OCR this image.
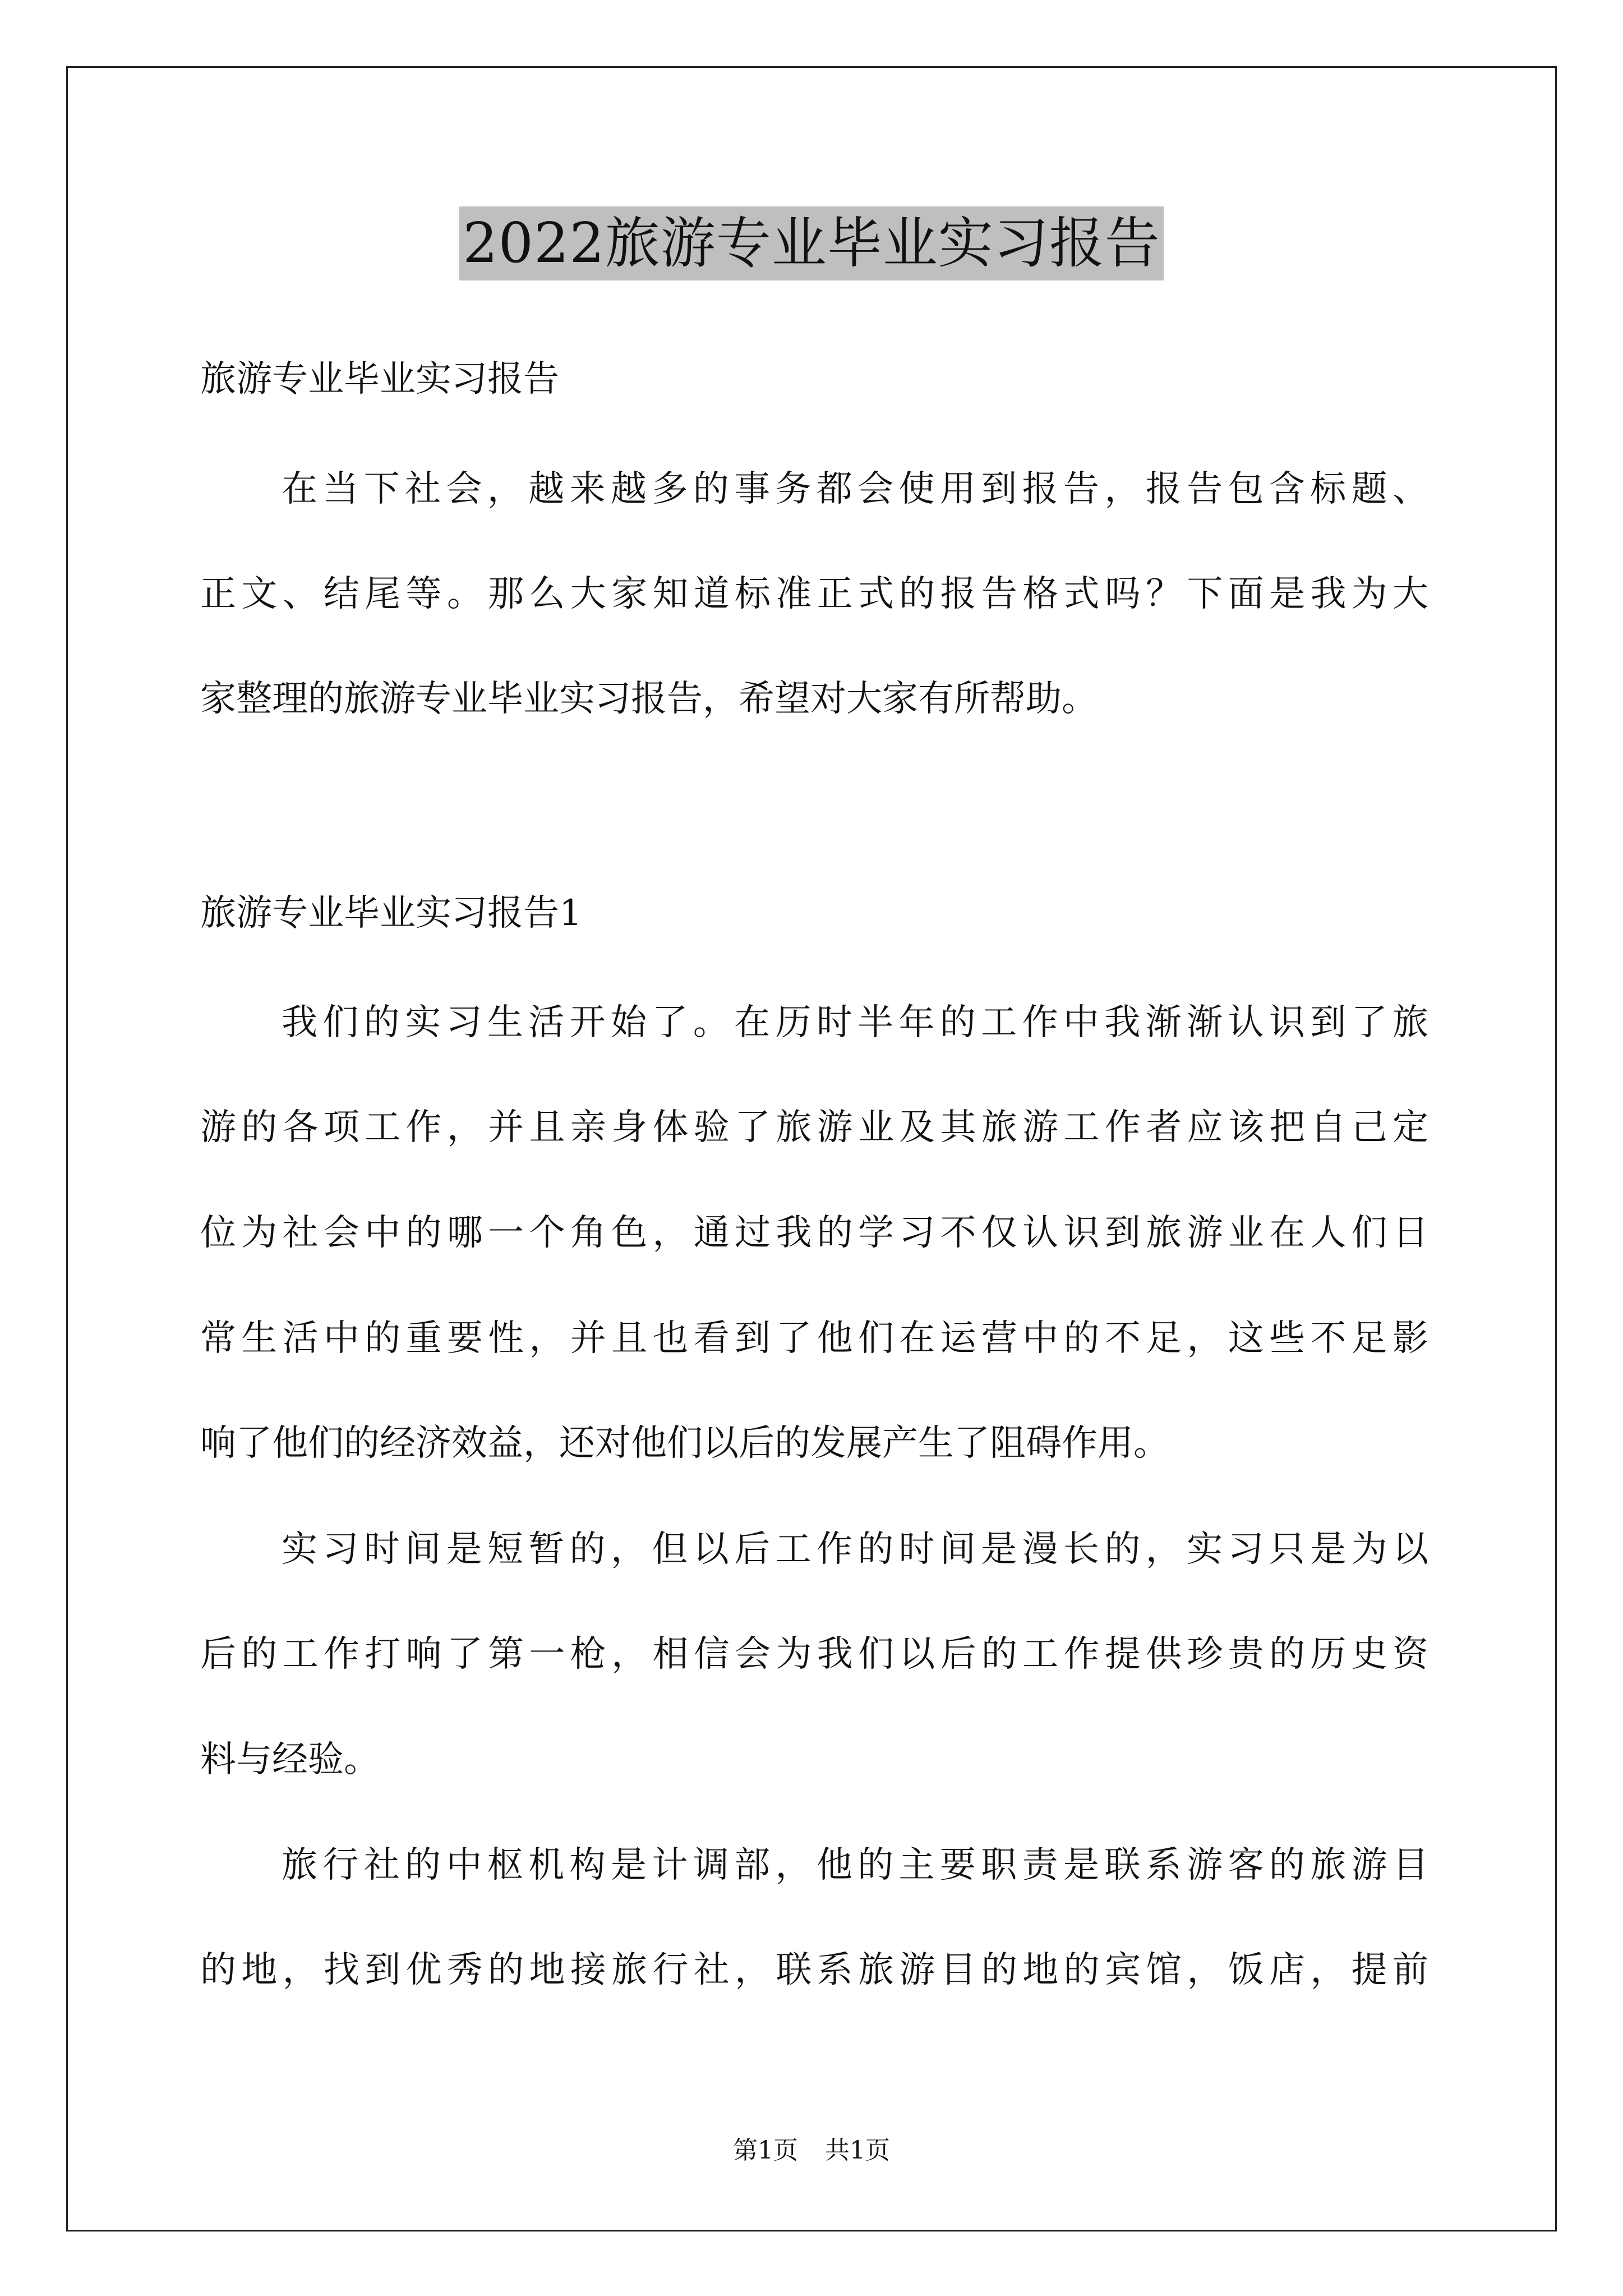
2022旅游专业毕业实习报告
旅游专业毕业实习报告
在当下社会，越来越多的事务都会使用到报告，报告包含标题、
正文、结尾等。那么大家知道标准正式的报告格式吗？下面是我为大
家整理的旅游专业毕业实习报告，希望对大家有所帮助。
旅游专业毕业实习报告1
我们的实习生活开始了。在历时半年的工作中我渐渐认识到了旅
游的各项工作，并且亲身体验了旅游业及其旅游工作者应该把自己定
位为社会中的哪一个角色，通过我的学习不仅认识到旅游业在人们日
常生活中的重要性，并且也看到了他们在运营中的不足，这些不足影
响了他们的经济效益，还对他们以后的发展产生了阻碍作用。
实习时间是短暂的，但以后工作的时间是漫长的，实习只是为以
后的工作打响了第一枪，相信会为我们以后的工作提供珍贵的历史资
料与经验。
旅行社的中枢机构是计调部，他的主要职责是联系游客的旅游目
的地，找到优秀的地接旅行社，联系旅游目的地的宾馆，饭店，提前
第1页 共1页
